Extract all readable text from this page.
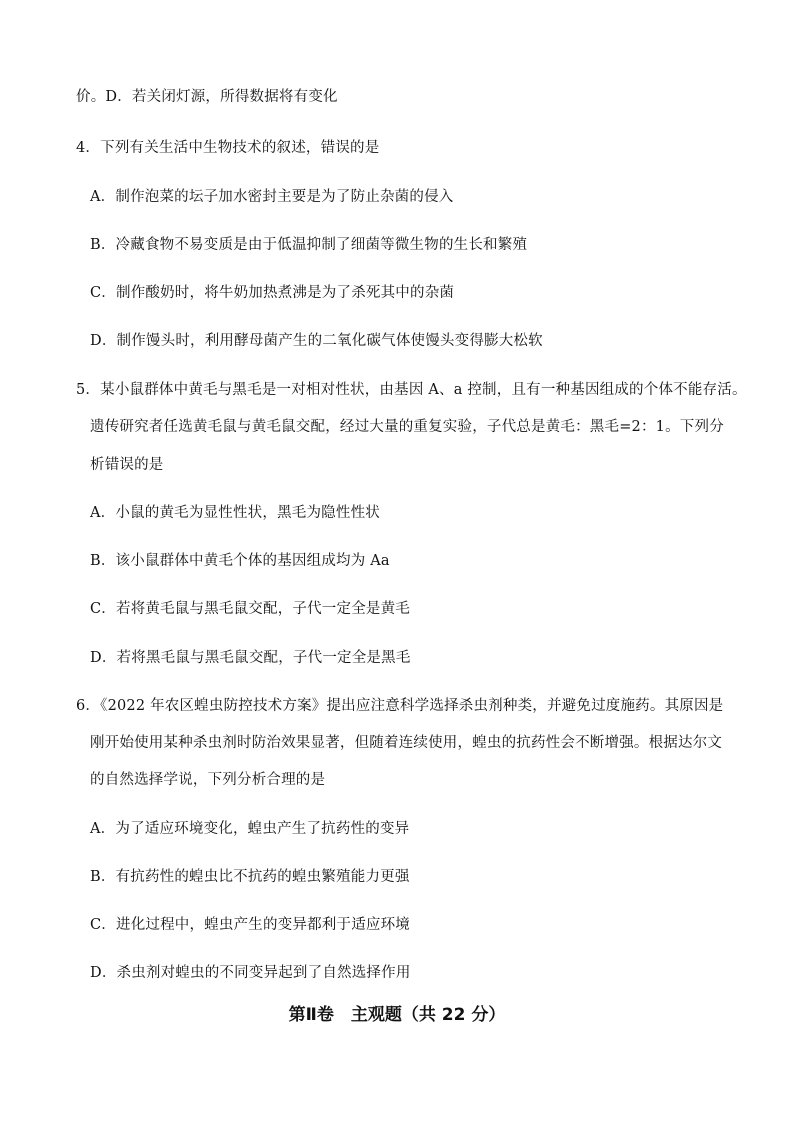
价。D．若关闭灯源，所得数据将有变化
4．下列有关生活中生物技术的叙述，错误的是
A．制作泡菜的坛子加水密封主要是为了防止杂菌的侵入
B．冷藏食物不易变质是由于低温抑制了细菌等微生物的生长和繁殖
C．制作酸奶时，将牛奶加热煮沸是为了杀死其中的杂菌
D．制作馒头时，利用酵母菌产生的二氧化碳气体使馒头变得膨大松软
5．某小鼠群体中黄毛与黑毛是一对相对性状，由基因 A、a 控制，且有一种基因组成的个体不能存活。
遗传研究者任选黄毛鼠与黄毛鼠交配，经过大量的重复实验，子代总是黄毛：黑毛=2：1。下列分
析错误的是
A．小鼠的黄毛为显性性状，黑毛为隐性性状
B．该小鼠群体中黄毛个体的基因组成均为 Aa
C．若将黄毛鼠与黑毛鼠交配，子代一定全是黄毛
D．若将黑毛鼠与黑毛鼠交配，子代一定全是黑毛
6．《2022 年农区蝗虫防控技术方案》提出应注意科学选择杀虫剂种类，并避免过度施药。其原因是
刚开始使用某种杀虫剂时防治效果显著，但随着连续使用，蝗虫的抗药性会不断增强。根据达尔文
的自然选择学说，下列分析合理的是
A．为了适应环境变化，蝗虫产生了抗药性的变异
B．有抗药性的蝗虫比不抗药的蝗虫繁殖能力更强
C．进化过程中，蝗虫产生的变异都利于适应环境
D．杀虫剂对蝗虫的不同变异起到了自然选择作用
第Ⅱ卷　主观题（共 22 分）
